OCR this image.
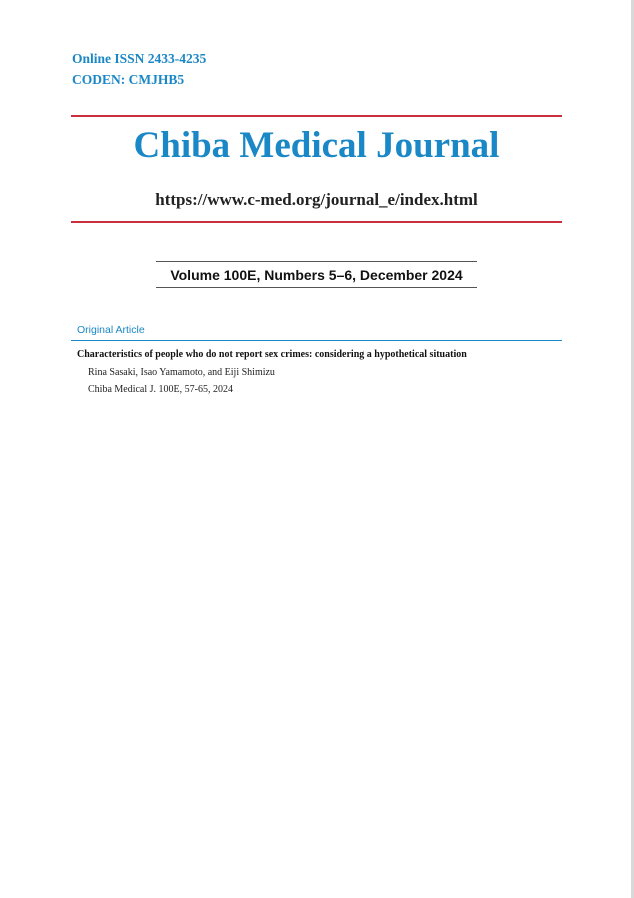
Online ISSN 2433-4235
CODEN: CMJHB5
Chiba Medical Journal
https://www.c-med.org/journal_e/index.html
Volume 100E, Numbers 5–6, December 2024
Original Article
Characteristics of people who do not report sex crimes: considering a hypothetical situation
Rina Sasaki, Isao Yamamoto, and Eiji Shimizu
Chiba Medical J. 100E, 57-65, 2024
